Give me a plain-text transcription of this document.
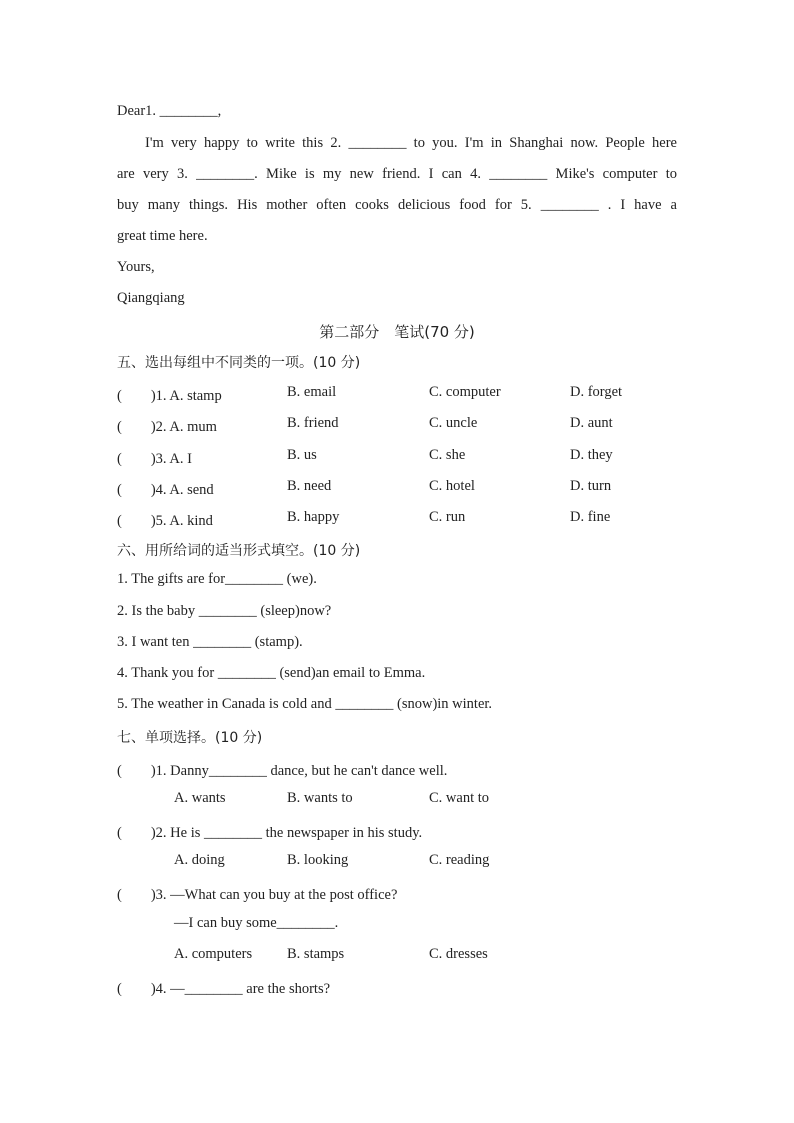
Dear1. ________,
I'm very happy to write this 2. ________ to you. I'm in Shanghai now. People here
are very 3. ________. Mike is my new friend. I can 4. ________ Mike's computer to
buy many things. His mother often cooks delicious food for 5. ________ . I have a
great time here.
Yours,
Qiangqiang
第二部分　笔试(70 分)
五、选出每组中不同类的一项。(10 分)
(　　)1. A. stamp	B. email	C. computer	D. forget
(　　)2. A. mum	B. friend	C. uncle	D. aunt
(　　)3. A. I	B. us	C. she	D. they
(　　)4. A. send	B. need	C. hotel	D. turn
(　　)5. A. kind	B. happy	C. run	D. fine
六、用所给词的适当形式填空。(10 分)
1. The gifts are for________ (we).
2. Is the baby ________ (sleep)now?
3. I want ten ________ (stamp).
4. Thank you for ________ (send)an email to Emma.
5. The weather in Canada is cold and ________ (snow)in winter.
七、单项选择。(10 分)
(　　)1. Danny________ dance, but he can't dance well.
A. wants	B. wants to	C. want to
(　　)2. He is ________ the newspaper in his study.
A. doing	B. looking	C. reading
(　　)3. —What can you buy at the post office?
—I can buy some________.
A. computers B. stamps	C. dresses
(　　)4. —________ are the shorts?
